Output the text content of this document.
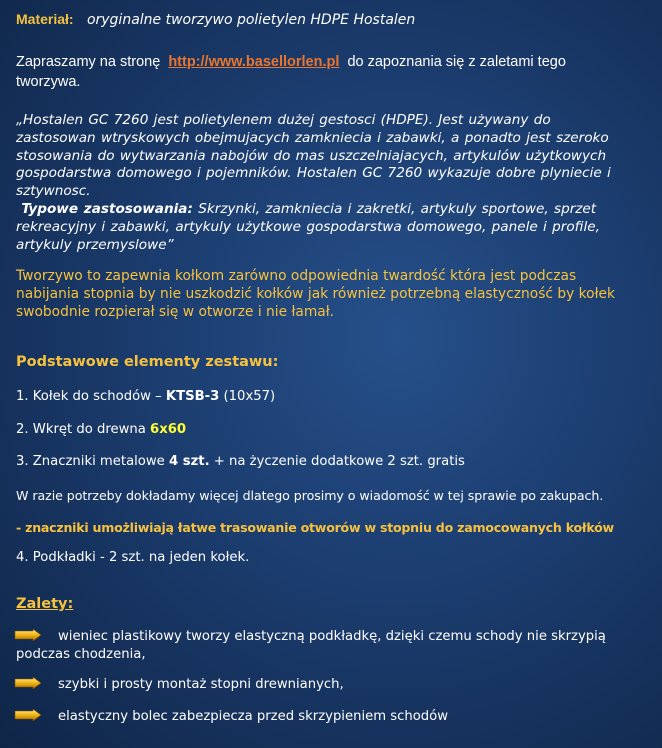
Materiał: oryginalne tworzywo polietylen HDPE Hostalen
Zapraszamy na stronę http://www.basellorlen.pl do zapoznania się z zaletami tego
tworzywa.
„Hostalen GC 7260 jest polietylenem dużej gestosci (HDPE). Jest używany do
zastosowan wtryskowych obejmujacych zamkniecia i zabawki, a ponadto jest szeroko
stosowania do wytwarzania nabojów do mas uszczelniajacych, artykulów użytkowych
gospodarstwa domowego i pojemników. Hostalen GC 7260 wykazuje dobre plyniecie i
sztywnosc.
Typowe zastosowania: Skrzynki, zamkniecia i zakretki, artykuly sportowe, sprzet
rekreacyjny i zabawki, artykuly użytkowe gospodarstwa domowego, panele i profile,
artykuly przemyslowe”
Tworzywo to zapewnia kołkom zarówno odpowiednia twardość która jest podczas
nabijania stopnia by nie uszkodzić kołków jak również potrzebną elastyczność by kołek
swobodnie rozpierał się w otworze i nie łamał.
Podstawowe elementy zestawu:
1. Kołek do schodów – KTSB-3 (10x57)
2. Wkręt do drewna 6x60
3. Znaczniki metalowe 4 szt. + na życzenie dodatkowe 2 szt. gratis
W razie potrzeby dokładamy więcej dlatego prosimy o wiadomość w tej sprawie po zakupach.
- znaczniki umożliwiają łatwe trasowanie otworów w stopniu do zamocowanych kołków
4. Podkładki - 2 szt. na jeden kołek.
Zalety:
wieniec plastikowy tworzy elastyczną podkładkę, dzięki czemu schody nie skrzypią
podczas chodzenia,
szybki i prosty montaż stopni drewnianych,
elastyczny bolec zabezpiecza przed skrzypieniem schodów
